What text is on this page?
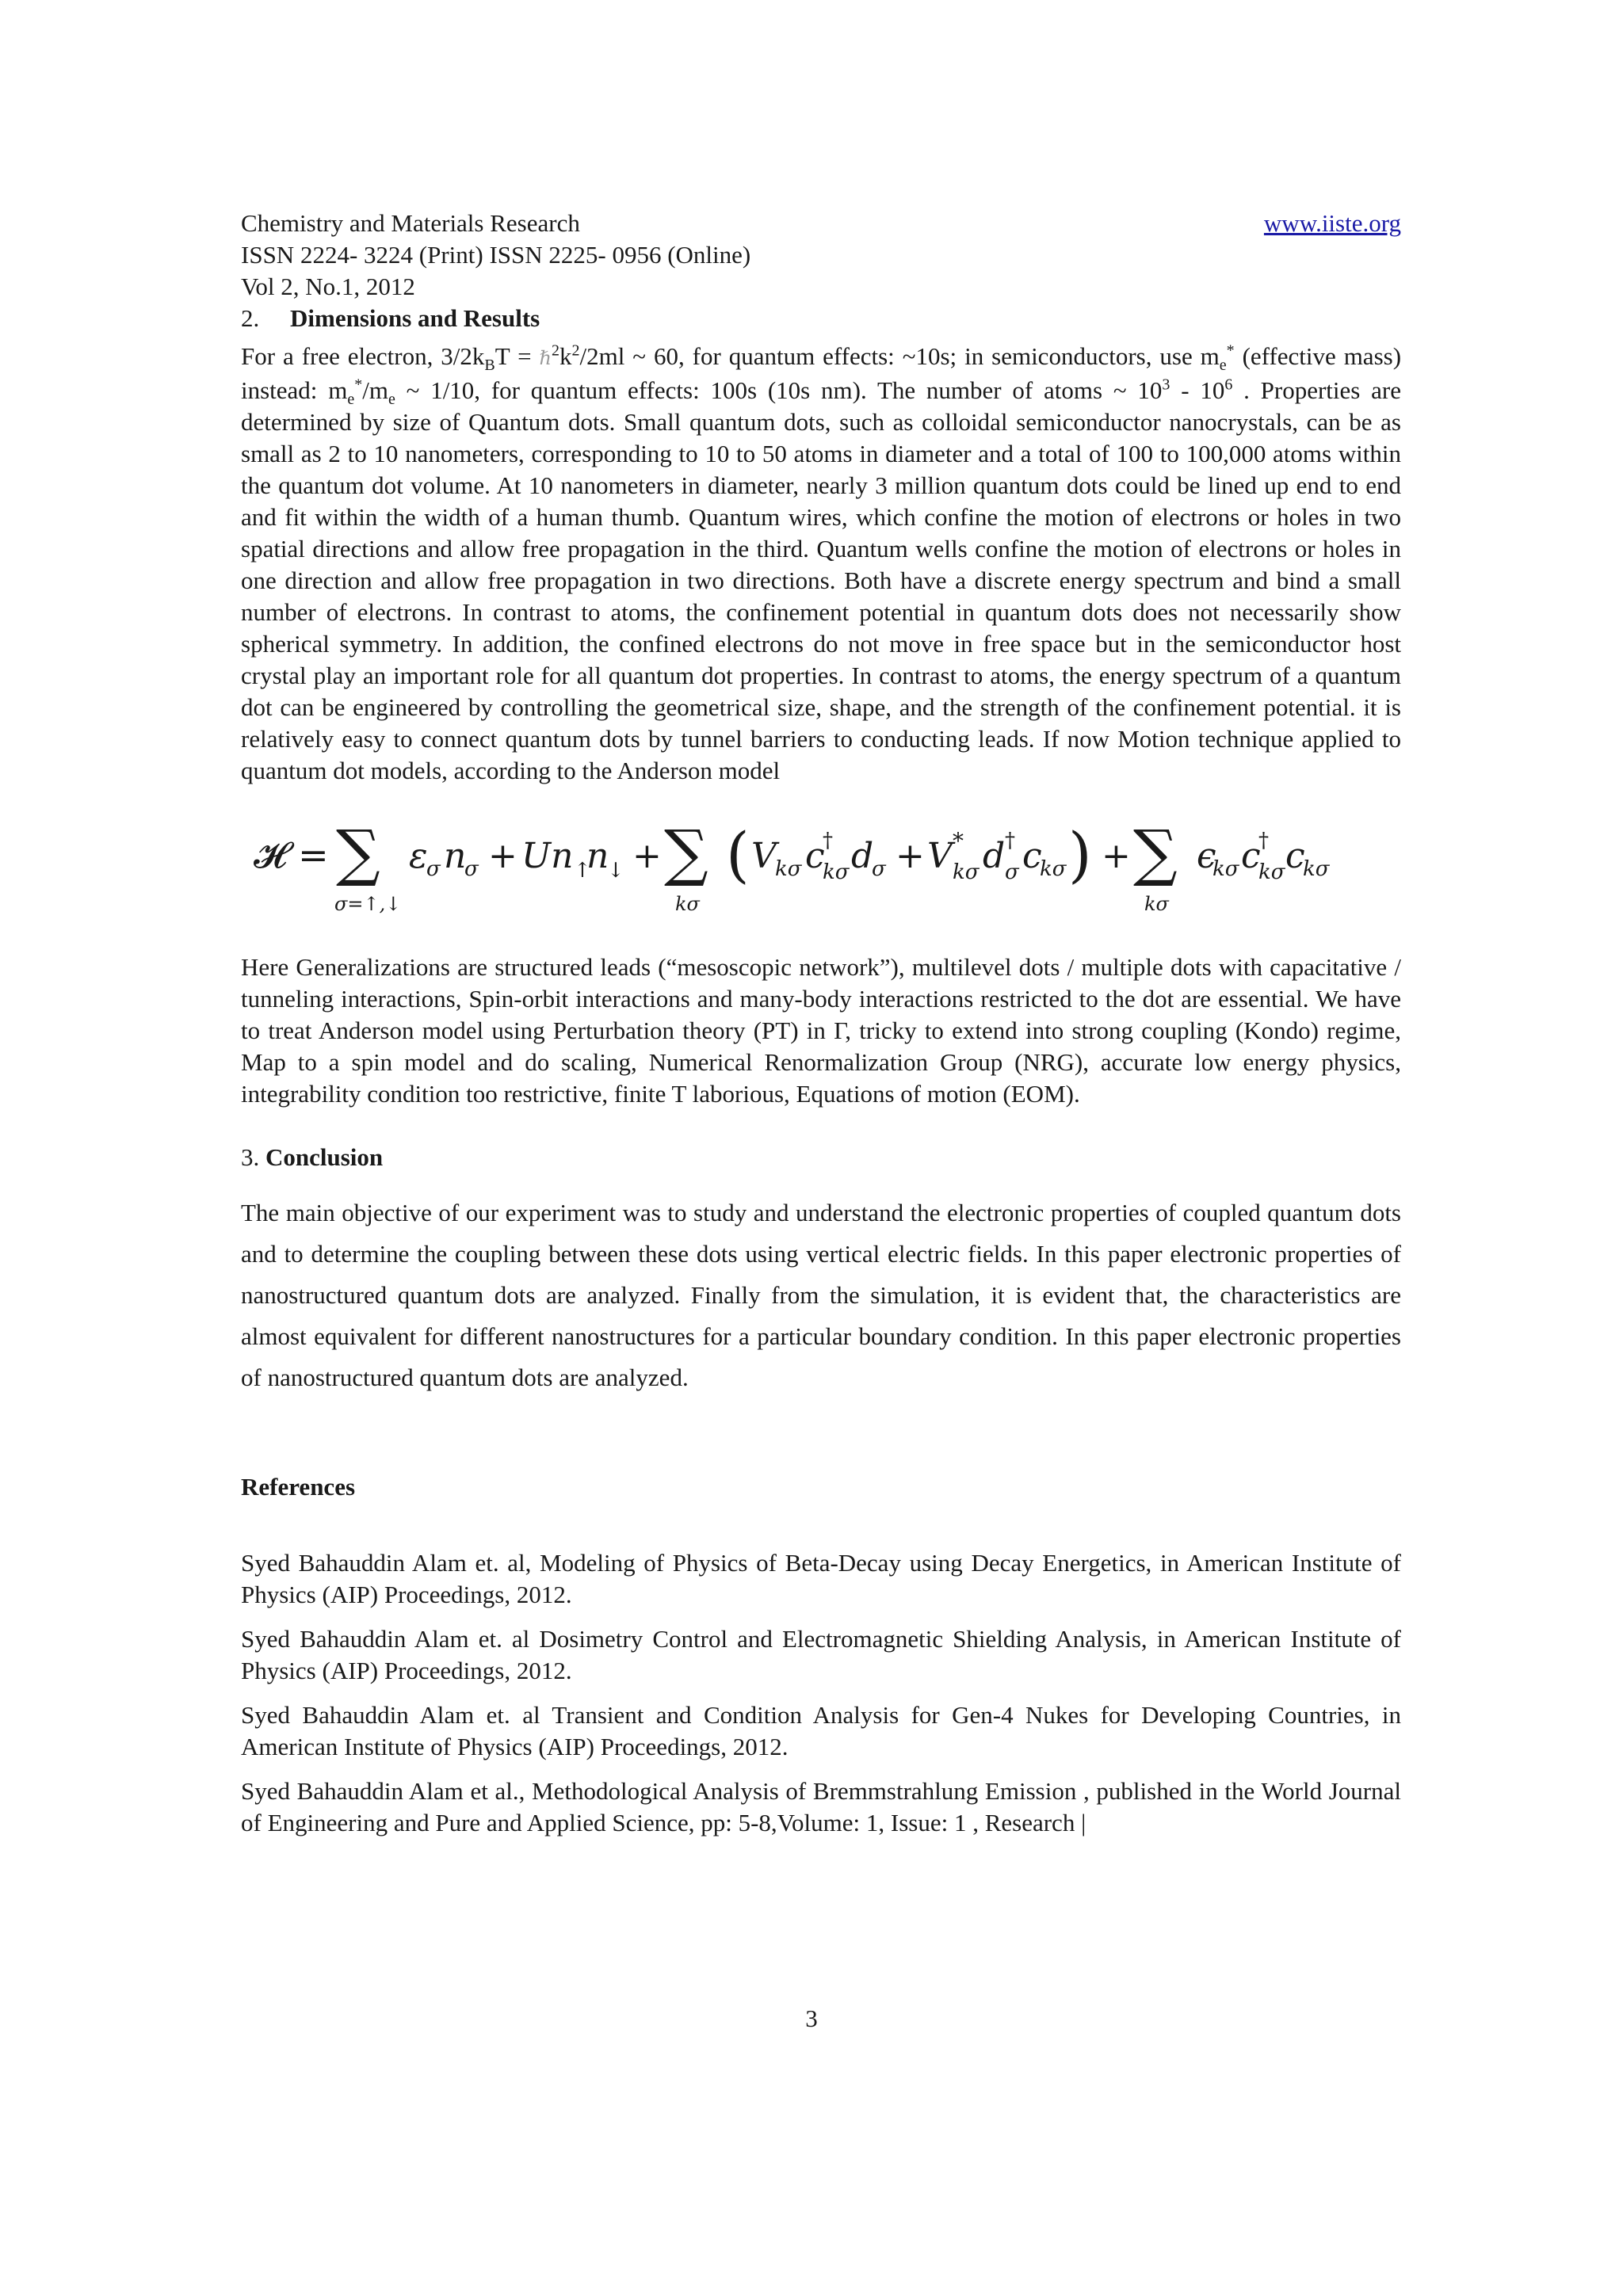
Chemistry and Materials Research	www.iiste.org
ISSN 2224- 3224 (Print) ISSN 2225- 0956 (Online)
Vol 2, No.1, 2012
2. Dimensions and Results

For a free electron, $3/2k_BT$ = $\hbar^2k^2/2ml$ ~ 60, for quantum effects: ~10s; in semiconductors, use $m_e^*$ (effective mass) instead: $m_e^*/m_e$ ~ 1/10, for quantum effects: 100s (10s nm). The number of atoms ~ $10^3 - 10^6$ . Properties are determined by size of Quantum dots. Small quantum dots, such as colloidal semiconductor nanocrystals, can be as small as 2 to 10 nanometers, corresponding to 10 to 50 atoms in diameter and a total of 100 to 100,000 atoms within the quantum dot volume. At 10 nanometers in diameter, nearly 3 million quantum dots could be lined up end to end and fit within the width of a human thumb. Quantum wires, which confine the motion of electrons or holes in two spatial directions and allow free propagation in the third. Quantum wells confine the motion of electrons or holes in one direction and allow free propagation in two directions. Both have a discrete energy spectrum and bind a small number of electrons. In contrast to atoms, the confinement potential in quantum dots does not necessarily show spherical symmetry. In addition, the confined electrons do not move in free space but in the semiconductor host crystal play an important role for all quantum dot properties. In contrast to atoms, the energy spectrum of a quantum dot can be engineered by controlling the geometrical size, shape, and the strength of the confinement potential. it is relatively easy to connect quantum dots by tunnel barriers to conducting leads. If now Motion technique applied to quantum dot models, according to the Anderson model

𝓗 = ∑
σ=↑,↓
ε
σ n
σ + Un ↑
n
↓ + ∑
kσ
( V
kσ c
†
kσ d
σ + V *
kσ d †
σ c
kσ ) + ∑
kσ
ϵ
kσ c
†
kσ c
kσ

Here Generalizations are structured leads (“mesoscopic network”), multilevel dots / multiple dots with capacitative / tunneling interactions, Spin-orbit interactions and many-body interactions restricted to the dot are essential. We have to treat Anderson model using Perturbation theory (PT) in Γ, tricky to extend into strong coupling (Kondo) regime, Map to a spin model and do scaling, Numerical Renormalization Group (NRG), accurate low energy physics, integrability condition too restrictive, finite T laborious, Equations of motion (EOM).

3. Conclusion

The main objective of our experiment was to study and understand the electronic properties of coupled quantum dots and to determine the coupling between these dots using vertical electric fields. In this paper electronic properties of nanostructured quantum dots are analyzed. Finally from the simulation, it is evident that, the characteristics are almost equivalent for different nanostructures for a particular boundary condition. In this paper electronic properties of nanostructured quantum dots are analyzed.

References

Syed Bahauddin Alam et. al, Modeling of Physics of Beta-Decay using Decay Energetics, in American Institute of Physics (AIP) Proceedings, 2012.

Syed Bahauddin Alam et. al Dosimetry Control and Electromagnetic Shielding Analysis, in American Institute of Physics (AIP) Proceedings, 2012.

Syed Bahauddin Alam et. al Transient and Condition Analysis for Gen-4 Nukes for Developing Countries, in American Institute of Physics (AIP) Proceedings, 2012.

Syed Bahauddin Alam et al., Methodological Analysis of Bremmstrahlung Emission , published in the World Journal of Engineering and Pure and Applied Science, pp: 5-8,Volume: 1, Issue: 1 , Research |

3
